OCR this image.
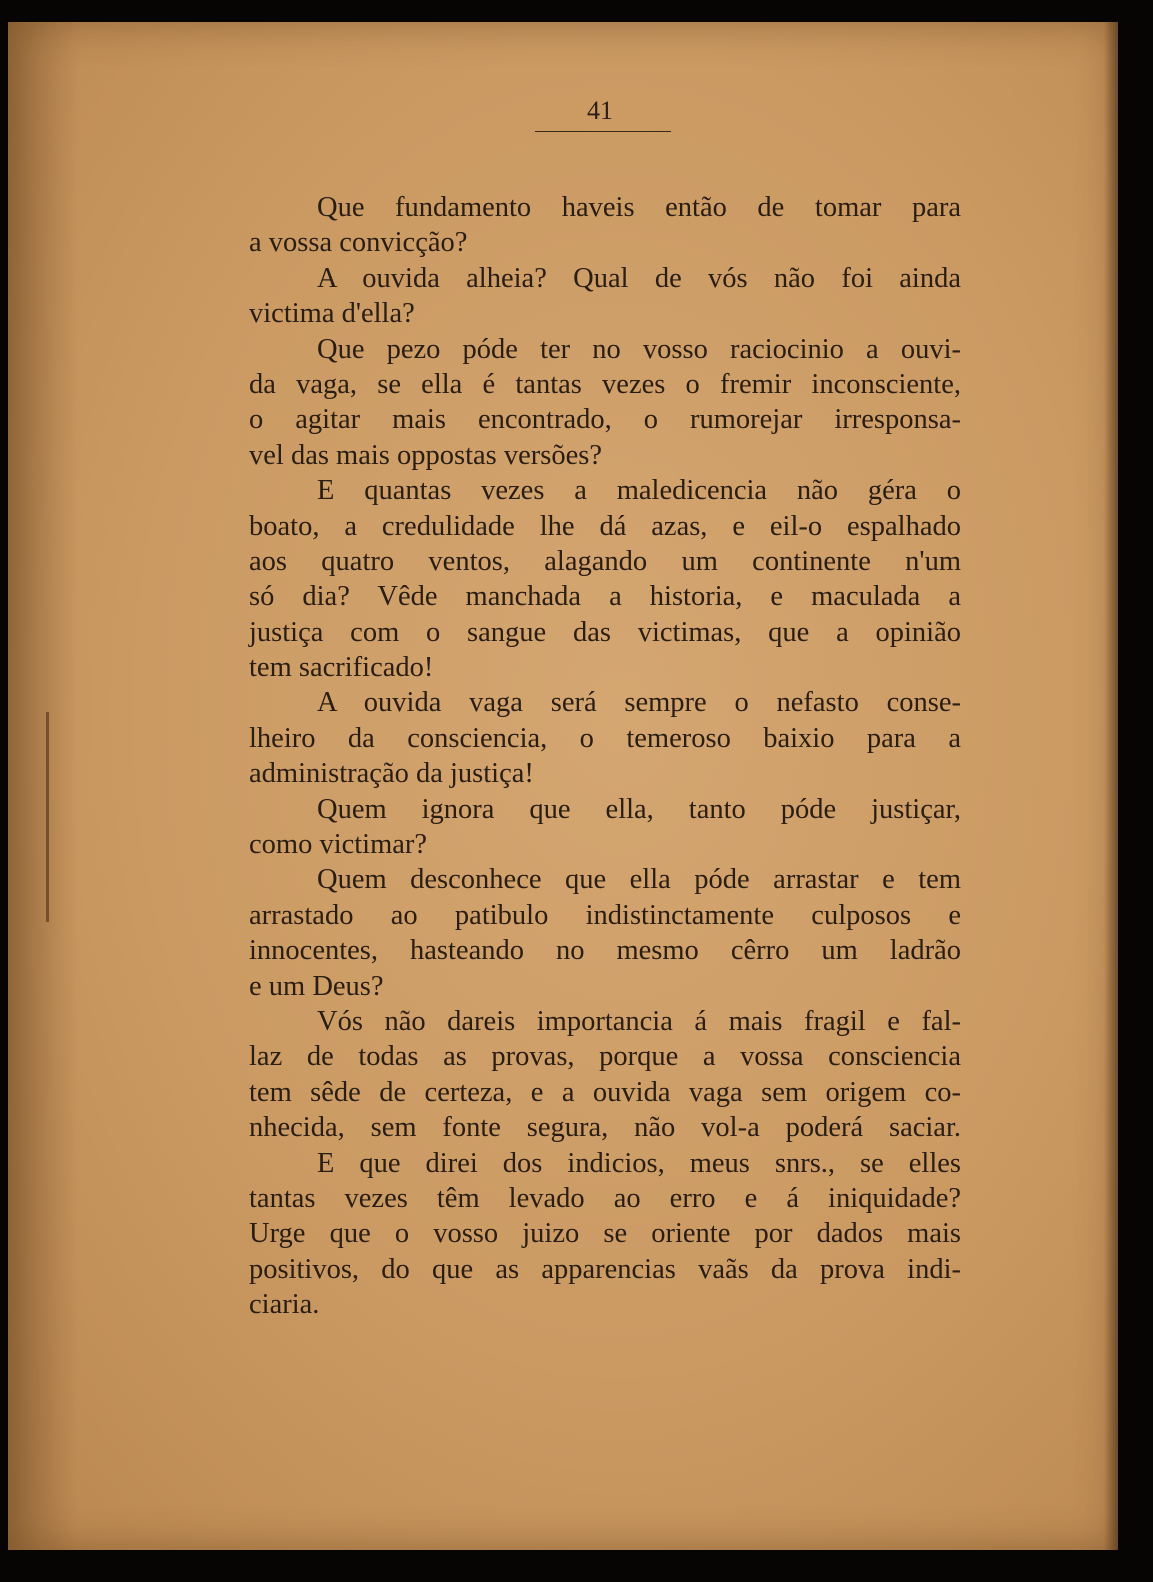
41
Que fundamento haveis então de tomar para
a vossa convicção?
A ouvida alheia? Qual de vós não foi ainda
victima d'ella?
Que pezo póde ter no vosso raciocinio a ouvi-
da vaga, se ella é tantas vezes o fremir inconsciente,
o agitar mais encontrado, o rumorejar irresponsa-
vel das mais oppostas versões?
E quantas vezes a maledicencia não géra o
boato, a credulidade lhe dá azas, e eil-o espalhado
aos quatro ventos, alagando um continente n'um
só dia? Vêde manchada a historia, e maculada a
justiça com o sangue das victimas, que a opinião
tem sacrificado!
A ouvida vaga será sempre o nefasto conse-
lheiro da consciencia, o temeroso baixio para a
administração da justiça!
Quem ignora que ella, tanto póde justiçar,
como victimar?
Quem desconhece que ella póde arrastar e tem
arrastado ao patibulo indistinctamente culposos e
innocentes, hasteando no mesmo cêrro um ladrão
e um Deus?
Vós não dareis importancia á mais fragil e fal-
laz de todas as provas, porque a vossa consciencia
tem sêde de certeza, e a ouvida vaga sem origem co-
nhecida, sem fonte segura, não vol-a poderá saciar.
E que direi dos indicios, meus snrs., se elles
tantas vezes têm levado ao erro e á iniquidade?
Urge que o vosso juizo se oriente por dados mais
positivos, do que as apparencias vaãs da prova indi-
ciaria.
